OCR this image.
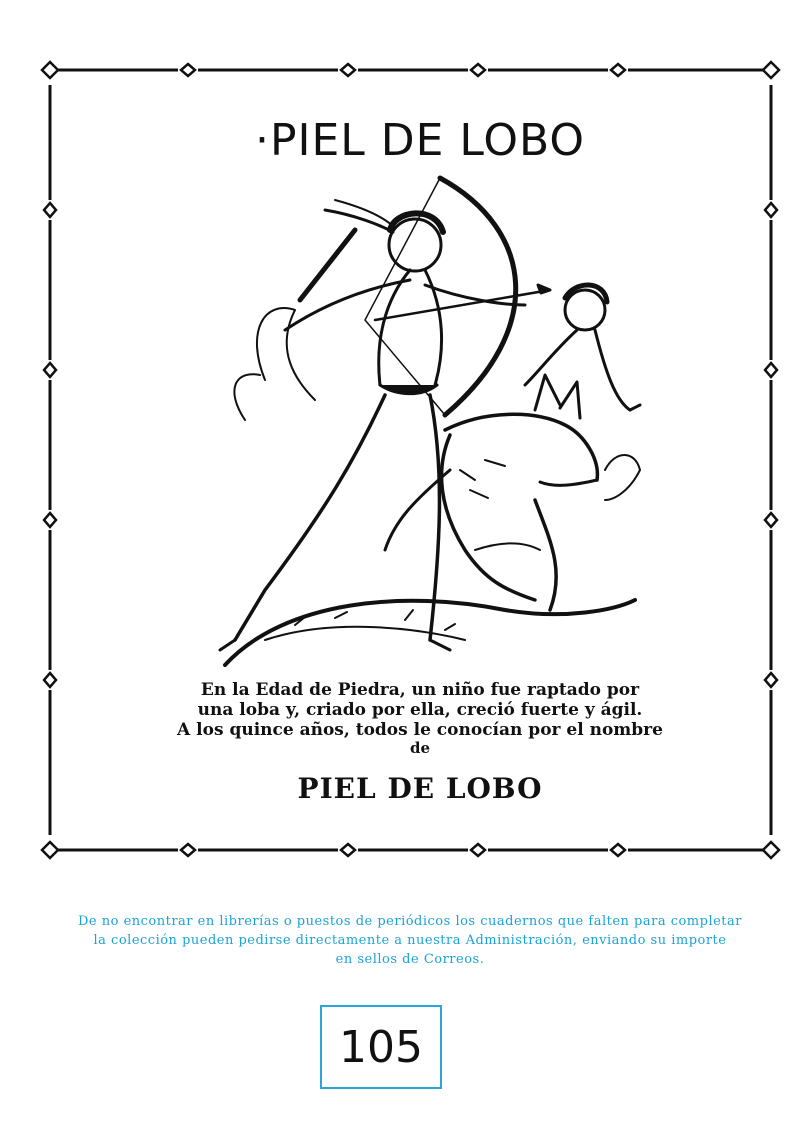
·PIEL DE LOBO
En la Edad de Piedra, un niño fue raptado por
una loba y, criado por ella, creció fuerte y ágil.
A los quince años, todos le conocían por el nombre
de
PIEL DE LOBO
De no encontrar en librerías o puestos de periódicos los cuadernos que falten para completar
la colección pueden pedirse directamente a nuestra Administración, enviando su importe
en sellos de Correos.
105
